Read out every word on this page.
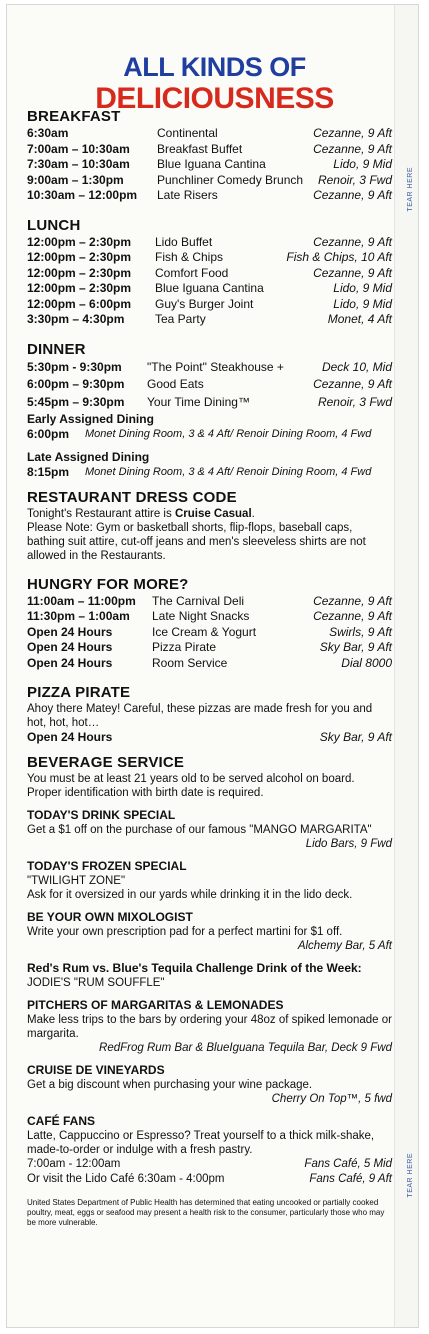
TEAR HERE
TEAR HERE
ALL KINDS OF
DELICIOUSNESS
BREAKFAST
6:30am	Continental	Cezanne, 9 Aft
7:00am – 10:30am	Breakfast Buffet	Cezanne, 9 Aft
7:30am – 10:30am	Blue Iguana Cantina	Lido, 9 Mid
9:00am – 1:30pm	Punchliner Comedy Brunch	Renoir, 3 Fwd
10:30am – 12:00pm	Late Risers	Cezanne, 9 Aft
LUNCH
12:00pm – 2:30pm	Lido Buffet	Cezanne, 9 Aft
12:00pm – 2:30pm	Fish & Chips	Fish & Chips, 10 Aft
12:00pm – 2:30pm	Comfort Food	Cezanne, 9 Aft
12:00pm – 2:30pm	Blue Iguana Cantina	Lido, 9 Mid
12:00pm – 6:00pm	Guy's Burger Joint	Lido, 9 Mid
3:30pm – 4:30pm	Tea Party	Monet, 4 Aft
DINNER
5:30pm - 9:30pm	"The Point" Steakhouse +	Deck 10, Mid
6:00pm – 9:30pm	Good Eats	Cezanne, 9 Aft
5:45pm – 9:30pm	Your Time Dining™	Renoir, 3 Fwd
Early Assigned Dining
6:00pm	Monet Dining Room, 3 & 4 Aft/ Renoir Dining Room, 4 Fwd
Late Assigned Dining
8:15pm	Monet Dining Room, 3 & 4 Aft/ Renoir Dining Room, 4 Fwd
RESTAURANT DRESS CODE
Tonight's Restaurant attire is Cruise Casual.
Please Note: Gym or basketball shorts, flip-flops, baseball caps, bathing suit attire, cut-off jeans and men's sleeveless shirts are not allowed in the Restaurants.
HUNGRY FOR MORE?
11:00am – 11:00pm	The Carnival Deli	Cezanne, 9 Aft
11:30pm – 1:00am	Late Night Snacks	Cezanne, 9 Aft
Open 24 Hours	Ice Cream & Yogurt	Swirls, 9 Aft
Open 24 Hours	Pizza Pirate	Sky Bar, 9 Aft
Open 24 Hours	Room Service	Dial 8000
PIZZA PIRATE
Ahoy there Matey! Careful, these pizzas are made fresh for you and hot, hot, hot…
Open 24 Hours	Sky Bar, 9 Aft
BEVERAGE SERVICE
You must be at least 21 years old to be served alcohol on board. Proper identification with birth date is required.
TODAY'S DRINK SPECIAL
Get a $1 off on the purchase of our famous "MANGO MARGARITA"
Lido Bars, 9 Fwd
TODAY'S FROZEN SPECIAL
"TWILIGHT ZONE"
Ask for it oversized in our yards while drinking it in the lido deck.
BE YOUR OWN MIXOLOGIST
Write your own prescription pad for a perfect martini for $1 off.
Alchemy Bar, 5 Aft
Red's Rum vs. Blue's Tequila Challenge Drink of the Week:
JODIE'S "RUM SOUFFLE"
PITCHERS OF MARGARITAS & LEMONADES
Make less trips to the bars by ordering your 48oz of spiked lemonade or margarita.
RedFrog Rum Bar & BlueIguana Tequila Bar, Deck 9 Fwd
CRUISE DE VINEYARDS
Get a big discount when purchasing your wine package.
Cherry On Top™, 5 fwd
CAFÉ FANS
Latte, Cappuccino or Espresso? Treat yourself to a thick milk-shake, made-to-order or indulge with a fresh pastry.
7:00am - 12:00am	Fans Café, 5 Mid
Or visit the Lido Café 6:30am - 4:00pm	Fans Café, 9 Aft
United States Department of Public Health has determined that eating uncooked or partially cooked poultry, meat, eggs or seafood may present a health risk to the consumer, particularly those who may be more vulnerable.
